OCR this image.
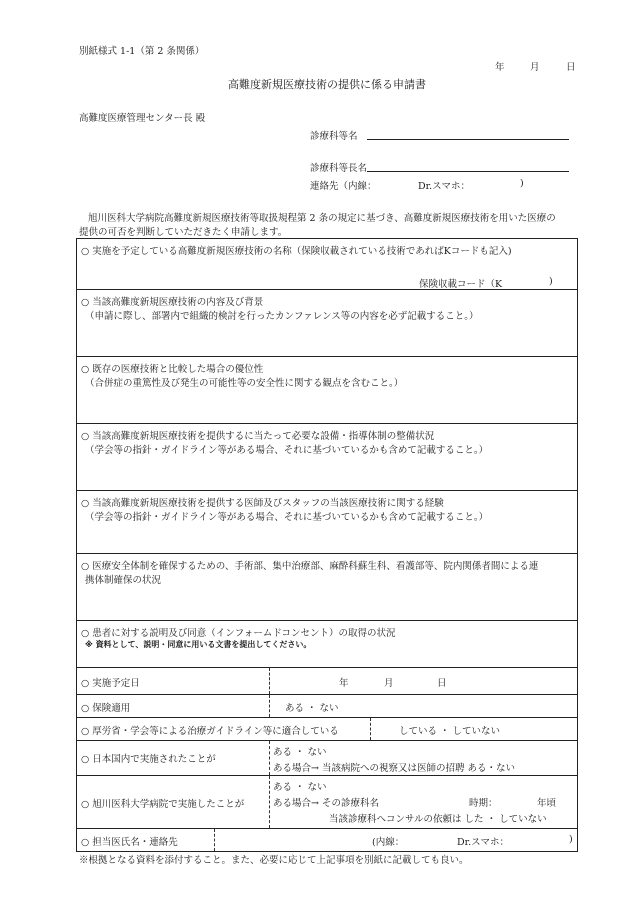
別紙様式 1-1（第 2 条関係）
年	月	日
高難度新規医療技術の提供に係る申請書
高難度医療管理センター長 殿
診療科等名
診療科等長名
連絡先（内線：	Dr.スマホ：	)
旭川医科大学病院高難度新規医療技術等取扱規程第 2 条の規定に基づき、高難度新規医療技術を用いた医療の
提供の可否を判断していただきたく申請します。
○ 実施を予定している高難度新規医療技術の名称（保険収載されている技術であればKコードも記入)
保険収載コード（K	)

○ 当該高難度新規医療技術の内容及び背景
（申請に際し、部署内で組織的検討を行ったカンファレンス等の内容を必ず記載すること。）

○ 既存の医療技術と比較した場合の優位性
（合併症の重篤性及び発生の可能性等の安全性に関する観点を含むこと。）

○ 当該高難度新規医療技術を提供するに当たって必要な設備・指導体制の整備状況
（学会等の指針・ガイドライン等がある場合、それに基づいているかも含めて記載すること。）

○ 当該高難度新規医療技術を提供する医師及びスタッフの当該医療技術に関する経験
（学会等の指針・ガイドライン等がある場合、それに基づいているかも含めて記載すること。）

○ 医療安全体制を確保するための、手術部、集中治療部、麻酔科蘇生科、看護部等、院内関係者間による連
携体制確保の状況

○ 患者に対する説明及び同意（インフォームドコンセント）の取得の状況
※ 資料として、説明・同意に用いる文書を提出してください。

○ 実施予定日	年	月	日

○ 保険適用	ある ・ ない

○ 厚労省・学会等による治療ガイドライン等に適合している	している ・ していない

○ 日本国内で実施されたことが
ある ・ ない
ある場合→ 当該病院への視察又は医師の招聘 ある・ない

○ 旭川医科大学病院で実施したことが
ある ・ ない
ある場合→ その診療科名	時期：	年頃
当該診療科へコンサルの依頼は した ・ していない

○ 担当医氏名・連絡先	(内線：	Dr.スマホ：	)
※根拠となる資料を添付すること。また、必要に応じて上記事項を別紙に記載しても良い。
